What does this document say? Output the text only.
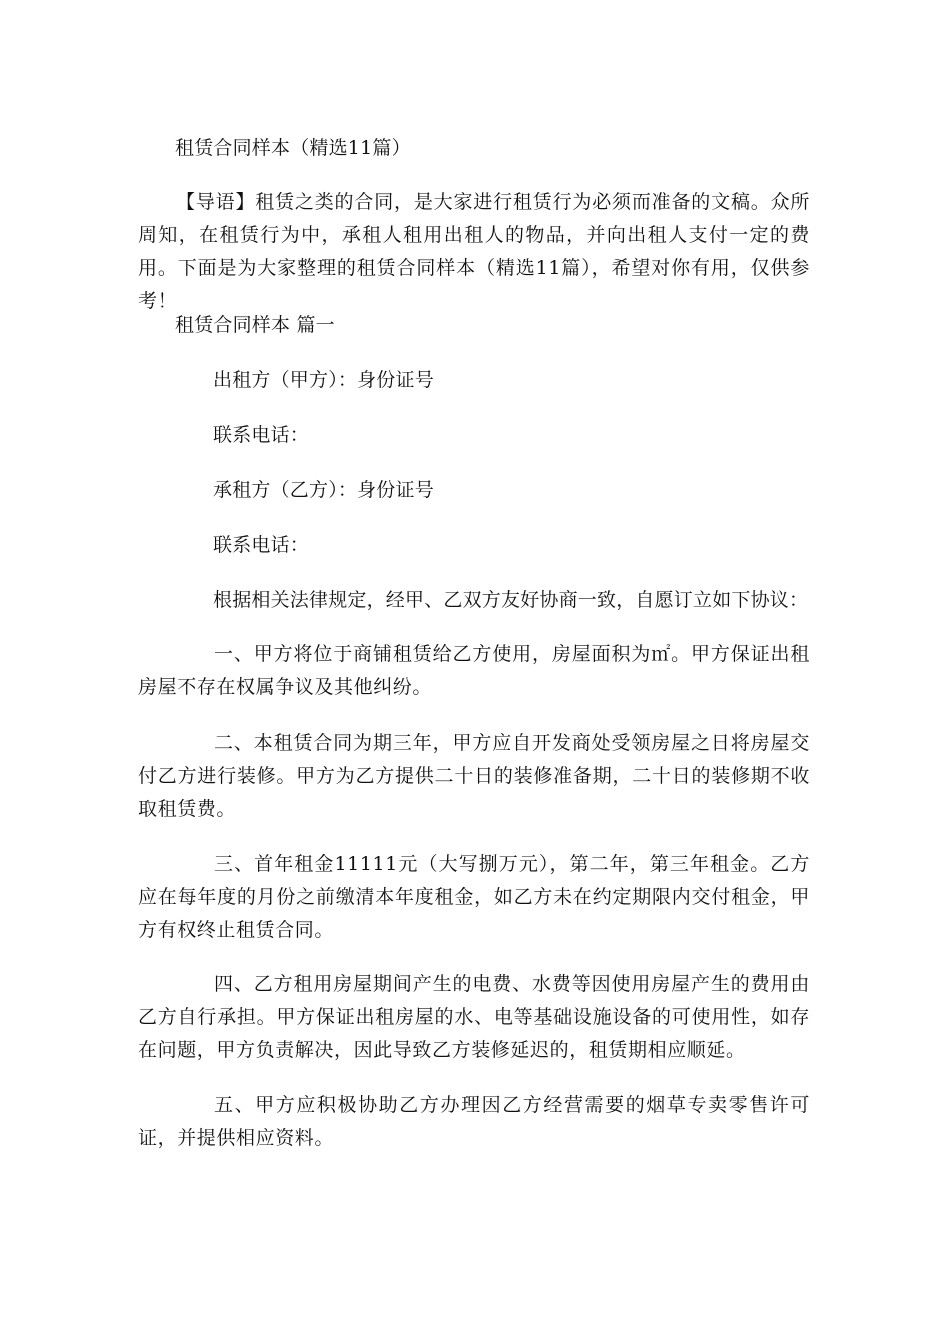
租赁合同样本（精选11篇）
【导语】租赁之类的合同，是大家进行租赁行为必须而准备的文稿。众所周知，在租赁行为中，承租人租用出租人的物品，并向出租人支付一定的费用。下面是为大家整理的租赁合同样本（精选11篇），希望对你有用，仅供参考！
租赁合同样本 篇一
出租方（甲方）：身份证号
联系电话：
承租方（乙方）：身份证号
联系电话：
根据相关法律规定，经甲、乙双方友好协商一致，自愿订立如下协议：
一、甲方将位于商铺租赁给乙方使用，房屋面积为㎡。甲方保证出租房屋不存在权属争议及其他纠纷。
二、本租赁合同为期三年，甲方应自开发商处受领房屋之日将房屋交付乙方进行装修。甲方为乙方提供二十日的装修准备期，二十日的装修期不收取租赁费。
三、首年租金11111元（大写捌万元），第二年，第三年租金。乙方应在每年度的月份之前缴清本年度租金，如乙方未在约定期限内交付租金，甲方有权终止租赁合同。
四、乙方租用房屋期间产生的电费、水费等因使用房屋产生的费用由乙方自行承担。甲方保证出租房屋的水、电等基础设施设备的可使用性，如存在问题，甲方负责解决，因此导致乙方装修延迟的，租赁期相应顺延。
五、甲方应积极协助乙方办理因乙方经营需要的烟草专卖零售许可证，并提供相应资料。
